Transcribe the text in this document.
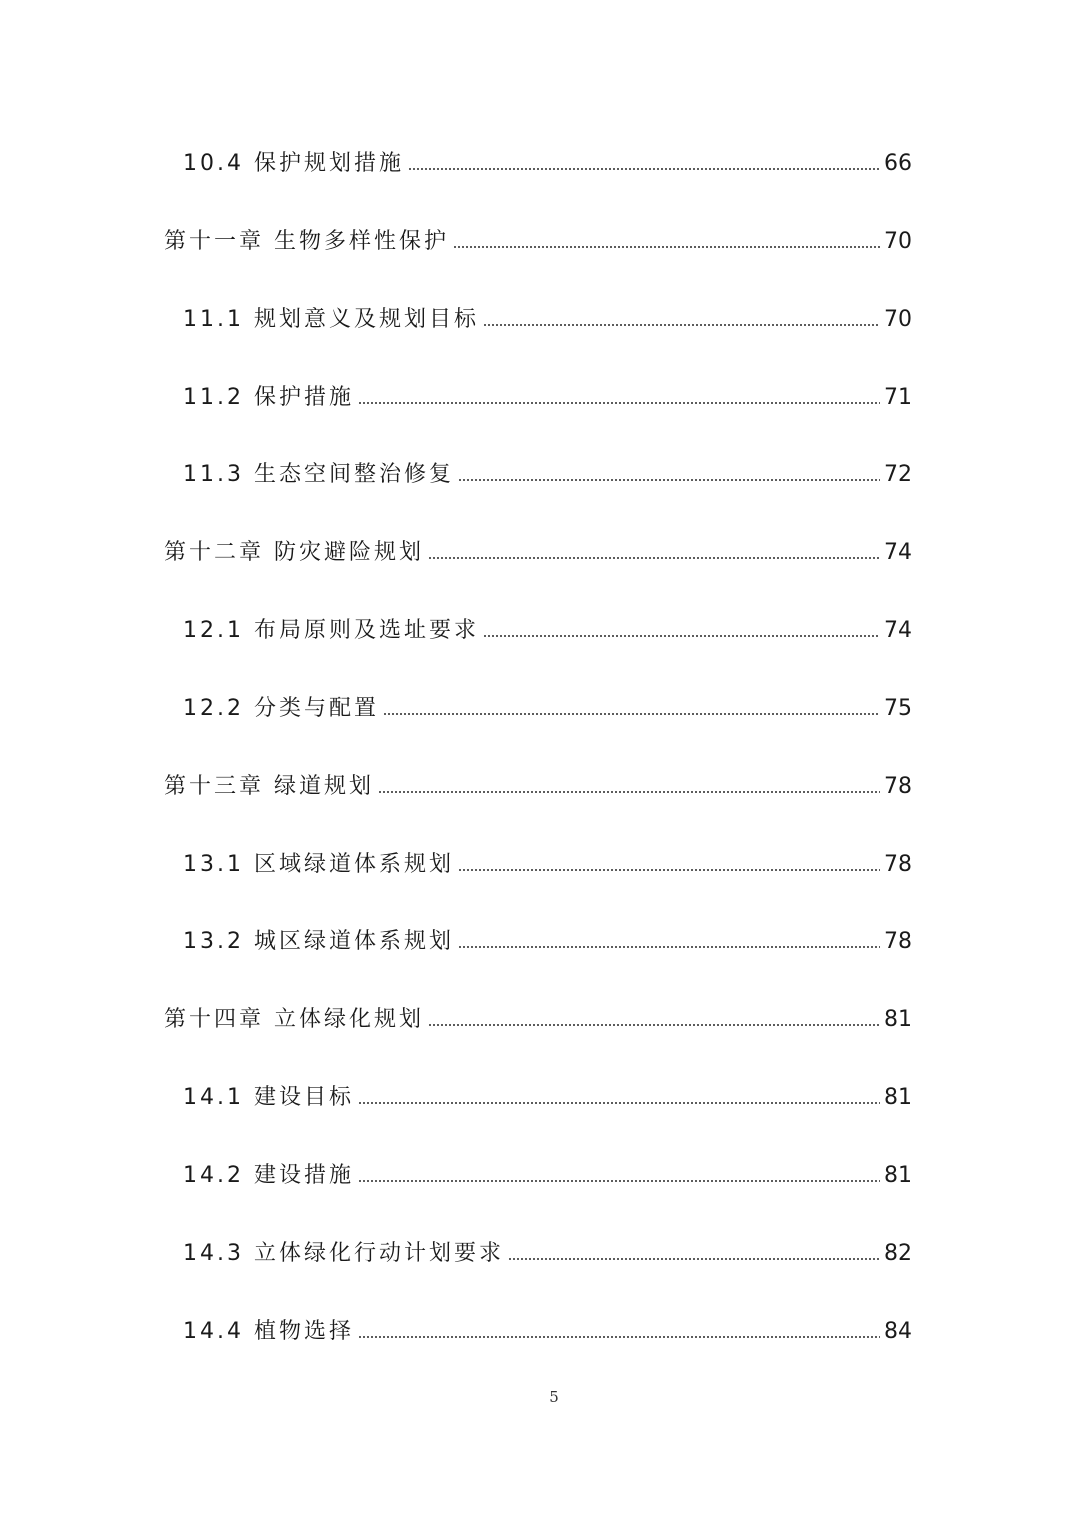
10.4 保护规划措施	66
第十一章 生物多样性保护	70
11.1 规划意义及规划目标	70
11.2 保护措施	71
11.3 生态空间整治修复	72
第十二章 防灾避险规划	74
12.1 布局原则及选址要求	74
12.2 分类与配置	75
第十三章 绿道规划	78
13.1 区域绿道体系规划	78
13.2 城区绿道体系规划	78
第十四章 立体绿化规划	81
14.1 建设目标	81
14.2 建设措施	81
14.3 立体绿化行动计划要求	82
14.4 植物选择	84
5
